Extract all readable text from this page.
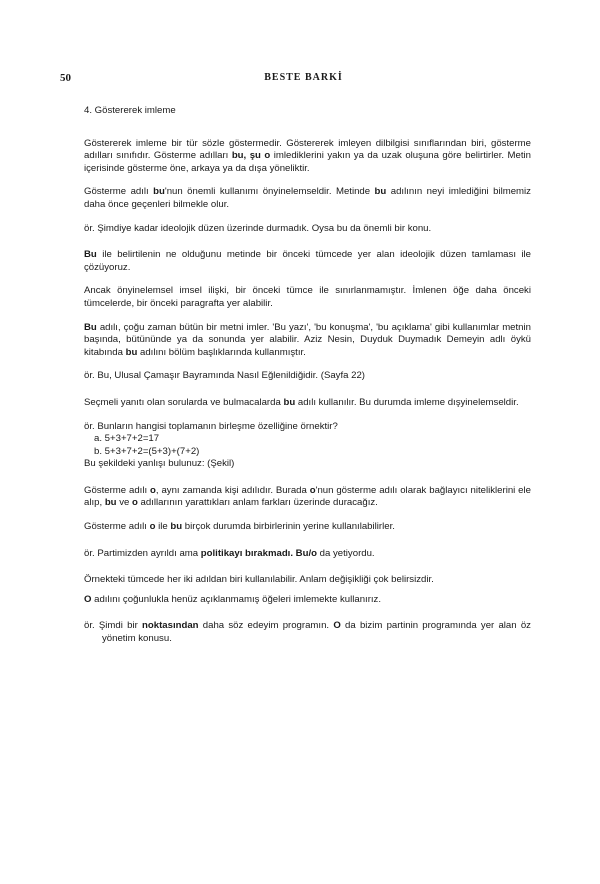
50	BESTE BARKİ
4. Göstererek imleme

Göstererek imleme bir tür sözle göstermedir. Göstererek imleyen dilbilgisi sınıflarından biri, gösterme adılları sınıfıdır. Gösterme adılları bu, şu o imlediklerini yakın ya da uzak oluşuna göre belirtirler. Metin içerisinde gösterme öne, arkaya ya da dışa yöneliktir.

Gösterme adılı bu'nun önemli kullanımı önyinelemseldir. Metinde bu adılının neyi imlediğini bilmemiz daha önce geçenleri bilmekle olur.

ör. Şimdiye kadar ideolojik düzen üzerinde durmadık. Oysa bu da önemli bir konu.

Bu ile belirtilenin ne olduğunu metinde bir önceki tümcede yer alan ideolojik düzen tamlaması ile çözüyoruz.

Ancak önyinelemsel imsel ilişki, bir önceki tümce ile sınırlanmamıştır. İmlenen öğe daha önceki tümcelerde, bir önceki paragrafta yer alabilir.

Bu adılı, çoğu zaman bütün bir metni imler. 'Bu yazı', 'bu konuşma', 'bu açıklama' gibi kullanımlar metnin başında, bütününde ya da sonunda yer alabilir. Aziz Nesin, Duyduk Duymadık Demeyin adlı öykü kitabında bu adılını bölüm başlıklarında kullanmıştır.

ör. Bu, Ulusal Çamaşır Bayramında Nasıl Eğlenildiğidir. (Sayfa 22)

Seçmeli yanıtı olan sorularda ve bulmacalarda bu adılı kullanılır. Bu durumda imleme dışyinelemseldir.

ör. Bunların hangisi toplamanın birleşme özelliğine örnektir?
a. 5+3+7+2=17
b. 5+3+7+2=(5+3)+(7+2)
Bu şekildeki yanlışı bulunuz: (Şekil)

Gösterme adılı o, aynı zamanda kişi adılıdır. Burada o'nun gösterme adılı olarak bağlayıcı niteliklerini ele alıp, bu ve o adıllarının yarattıkları anlam farkları üzerinde duracağız.

Gösterme adılı o ile bu birçok durumda birbirlerinin yerine kullanılabilirler.

ör. Partimizden ayrıldı ama politikayı bırakmadı. Bu/o da yetiyordu.

Örnekteki tümcede her iki adıldan biri kullanılabilir. Anlam değişikliği çok belirsizdir.

O adılını çoğunlukla henüz açıklanmamış öğeleri imlemekte kullanırız.

ör. Şimdi bir noktasından daha söz edeyim programın. O da bizim partinin programında yer alan öz yönetim konusu.
